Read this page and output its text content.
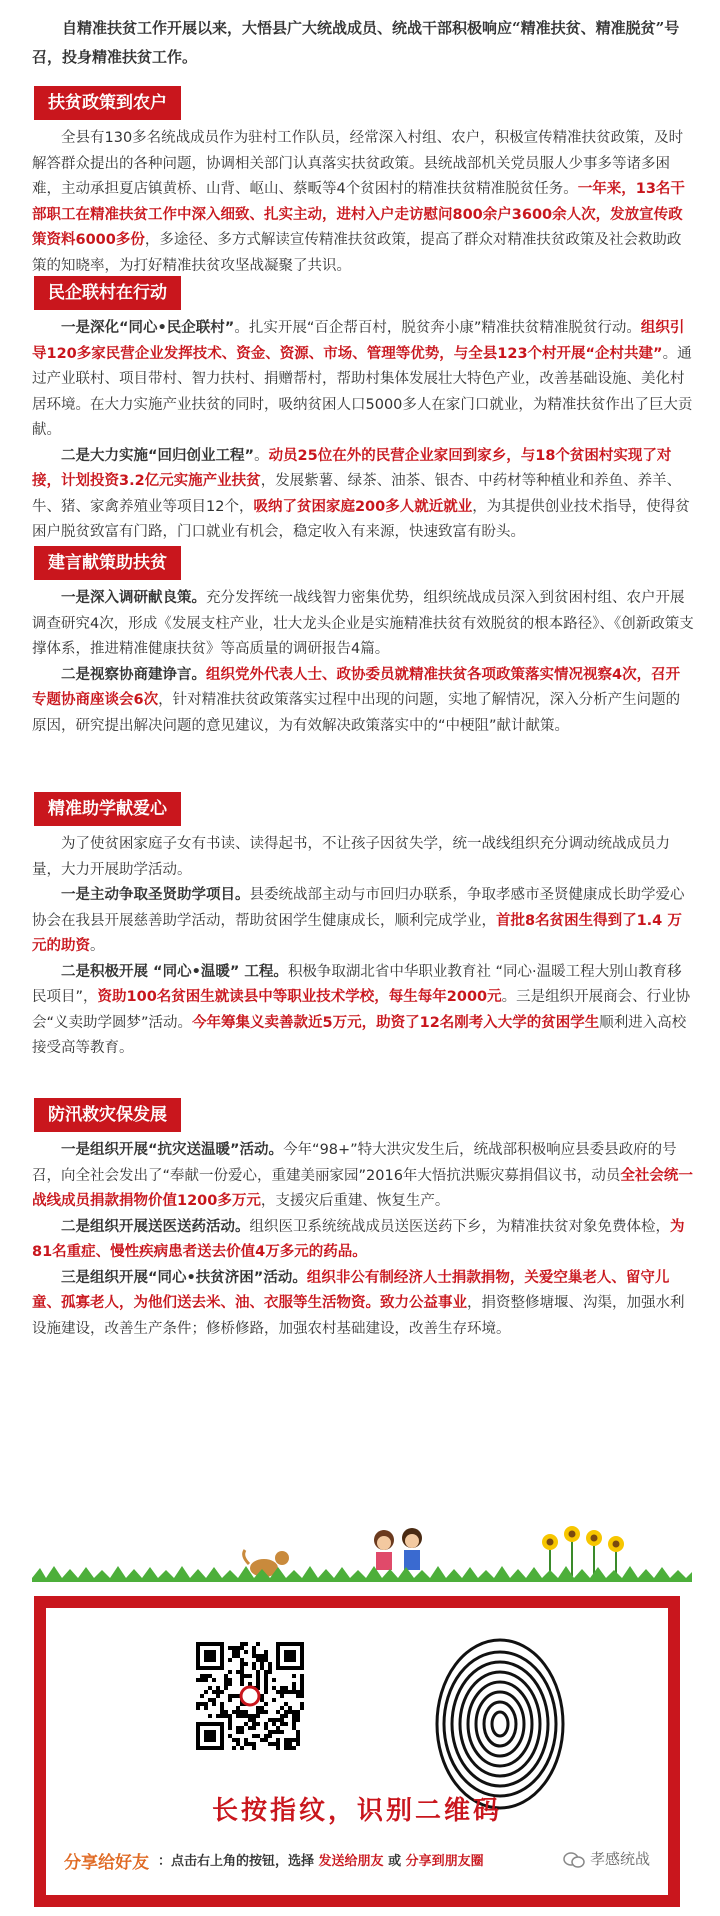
自精准扶贫工作开展以来，大悟县广大统战成员、统战干部积极响应“精准扶贫、精准脱贫”号召，投身精准扶贫工作。
扶贫政策到农户

全县有130多名统战成员作为驻村工作队员，经常深入村组、农户，积极宣传精准扶贫政策，及时解答群众提出的各种问题，协调相关部门认真落实扶贫政策。县统战部机关党员服人少事多等诸多困难，主动承担夏店镇黄桥、山背、岖山、蔡畈等4个贫困村的精准扶贫精准脱贫任务。一年来，13名干部职工在精准扶贫工作中深入细致、扎实主动，进村入户走访慰问800余户3600余人次，发放宣传政策资料6000多份，多途径、多方式解读宣传精准扶贫政策，提高了群众对精准扶贫政策及社会救助政策的知晓率，为打好精准扶贫攻坚战凝聚了共识。

民企联村在行动

一是深化“同心•民企联村”。扎实开展“百企帮百村，脱贫奔小康”精准扶贫精准脱贫行动。组织引导120多家民营企业发挥技术、资金、资源、市场、管理等优势，与全县123个村开展“企村共建”。通过产业联村、项目带村、智力扶村、捐赠帮村，帮助村集体发展壮大特色产业，改善基础设施、美化村居环境。在大力实施产业扶贫的同时，吸纳贫困人口5000多人在家门口就业，为精准扶贫作出了巨大贡献。

二是大力实施“回归创业工程”。动员25位在外的民营企业家回到家乡，与18个贫困村实现了对接，计划投资3.2亿元实施产业扶贫，发展紫薯、绿茶、油茶、银杏、中药材等种植业和养鱼、养羊、牛、猪、家禽养殖业等项目12个，吸纳了贫困家庭200多人就近就业，为其提供创业技术指导，使得贫困户脱贫致富有门路，门口就业有机会，稳定收入有来源，快速致富有盼头。

建言献策助扶贫

一是深入调研献良策。充分发挥统一战线智力密集优势，组织统战成员深入到贫困村组、农户开展调查研究4次，形成《发展支柱产业，壮大龙头企业是实施精准扶贫有效脱贫的根本路径》、《创新政策支撑体系，推进精准健康扶贫》等高质量的调研报告4篇。

二是视察协商建诤言。组织党外代表人士、政协委员就精准扶贫各项政策落实情况视察4次，召开专题协商座谈会6次，针对精准扶贫政策落实过程中出现的问题，实地了解情况，深入分析产生问题的原因，研究提出解决问题的意见建议，为有效解决政策落实中的“中梗阻”献计献策。

精准助学献爱心

为了使贫困家庭子女有书读、读得起书，不让孩子因贫失学，统一战线组织充分调动统战成员力量，大力开展助学活动。

一是主动争取圣贤助学项目。县委统战部主动与市回归办联系，争取孝感市圣贤健康成长助学爱心协会在我县开展慈善助学活动，帮助贫困学生健康成长，顺利完成学业，首批8名贫困生得到了1.4 万元的助资。

二是积极开展 “同心•温暖” 工程。积极争取湖北省中华职业教育社 “同心·温暖工程大别山教育移民项目”，资助100名贫困生就读县中等职业技术学校，每生每年2000元。三是组织开展商会、行业协会“义卖助学圆梦”活动。今年筹集义卖善款近5万元，助资了12名刚考入大学的贫困学生顺利进入高校接受高等教育。

防汛救灾保发展

一是组织开展“抗灾送温暖”活动。今年“98+”特大洪灾发生后，统战部积极响应县委县政府的号召，向全社会发出了“奉献一份爱心，重建美丽家园”2016年大悟抗洪赈灾募捐倡议书，动员全社会统一战线成员捐款捐物价值1200多万元，支援灾后重建、恢复生产。

二是组织开展送医送药活动。组织医卫系统统战成员送医送药下乡，为精准扶贫对象免费体检，为81名重症、慢性疾病患者送去价值4万多元的药品。

三是组织开展“同心•扶贫济困”活动。组织非公有制经济人士捐款捐物，关爱空巢老人、留守儿童、孤寡老人，为他们送去米、油、衣服等生活物资。致力公益事业，捐资整修塘堰、沟渠，加强水利设施建设，改善生产条件；修桥修路，加强农村基础建设，改善生存环境。

长按指纹，识别二维码
分享给好友 ：点击右上角的按钮，选择 发送给朋友 或 分享到朋友圈	孝感统战
